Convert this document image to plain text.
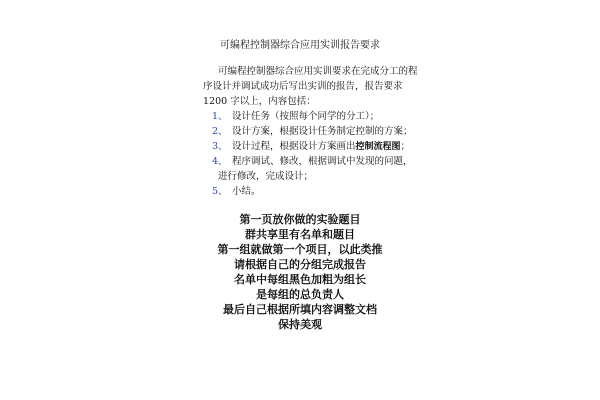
可编程控制器综合应用实训报告要求
可编程控制器综合应用实训要求在完成分工的程
序设计并调试成功后写出实训的报告，报告要求
1200 字以上，内容包括：
1、 设计任务（按照每个同学的分工）；
2、 设计方案，根据设计任务制定控制的方案；
3、 设计过程，根据设计方案画出控制流程图；
4、 程序调试、修改，根据调试中发现的问题，
进行修改，完成设计；
5、 小结。
第一页放你做的实验题目
群共享里有名单和题目
第一组就做第一个项目，以此类推
请根据自己的分组完成报告
名单中每组黑色加粗为组长
是每组的总负责人
最后自己根据所填内容调整文档
保持美观
